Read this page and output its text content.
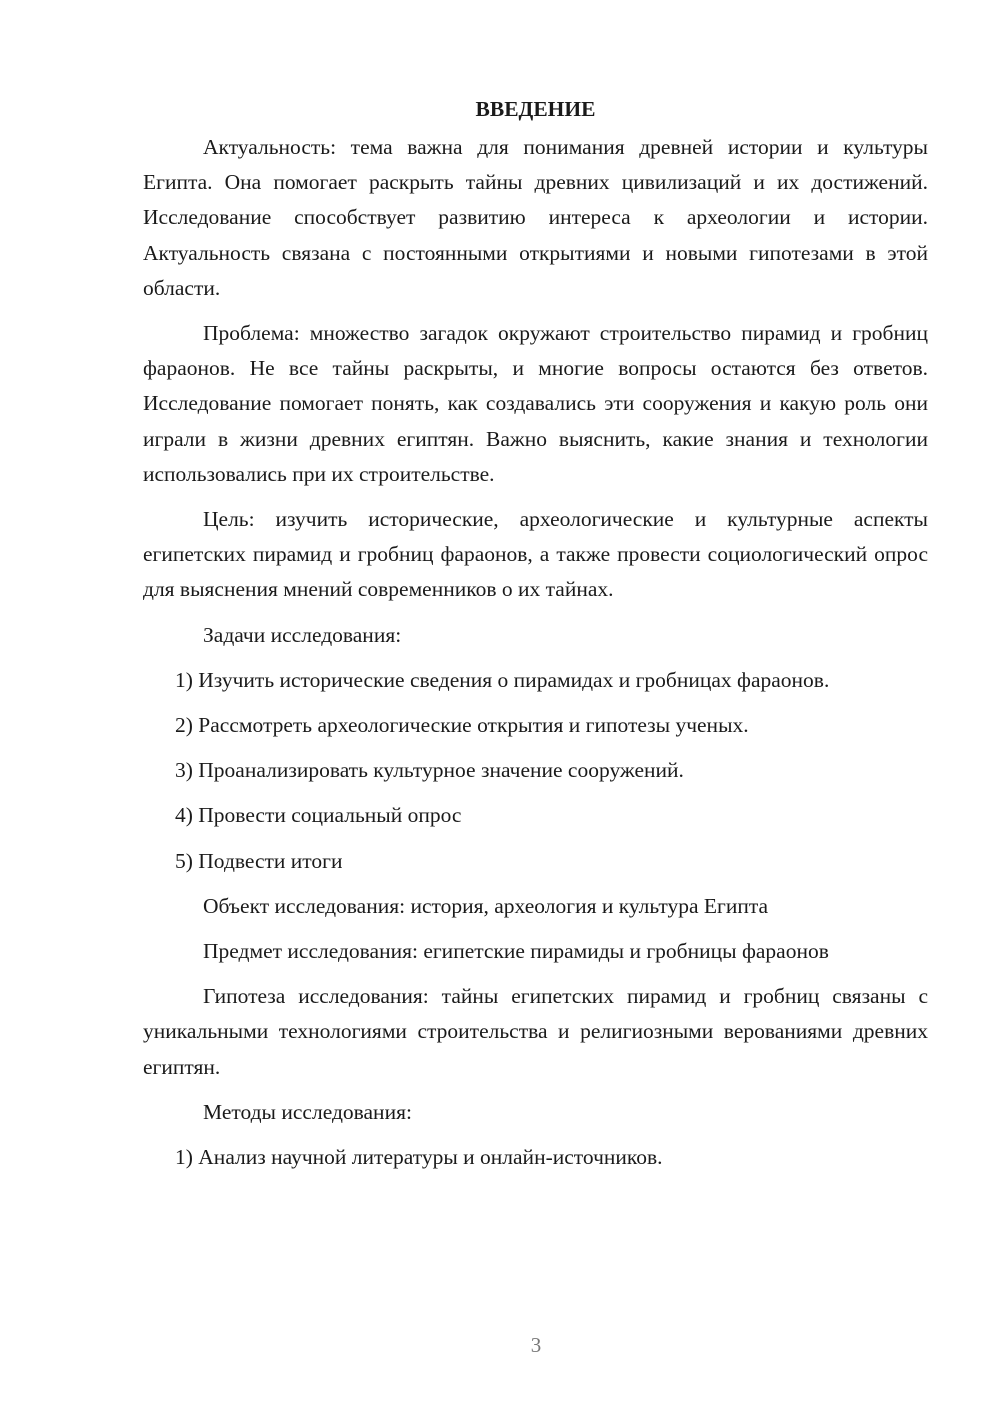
ВВЕДЕНИЕ

Актуальность: тема важна для понимания древней истории и культуры Египта. Она помогает раскрыть тайны древних цивилизаций и их достижений. Исследование способствует развитию интереса к археологии и истории. Актуальность связана с постоянными открытиями и новыми гипотезами в этой области.

Проблема: множество загадок окружают строительство пирамид и гробниц фараонов. Не все тайны раскрыты, и многие вопросы остаются без ответов. Исследование помогает понять, как создавались эти сооружения и какую роль они играли в жизни древних египтян. Важно выяснить, какие знания и технологии использовались при их строительстве.

Цель: изучить исторические, археологические и культурные аспекты египетских пирамид и гробниц фараонов, а также провести социологический опрос для выяснения мнений современников о их тайнах.

Задачи исследования:

1) Изучить исторические сведения о пирамидах и гробницах фараонов.

2) Рассмотреть археологические открытия и гипотезы ученых.

3) Проанализировать культурное значение сооружений.

4) Провести социальный опрос

5) Подвести итоги

Объект исследования: история, археология и культура Египта

Предмет исследования: египетские пирамиды и гробницы фараонов

Гипотеза исследования: тайны египетских пирамид и гробниц связаны с уникальными технологиями строительства и религиозными верованиями древних египтян.

Методы исследования:

1) Анализ научной литературы и онлайн-источников.

3
